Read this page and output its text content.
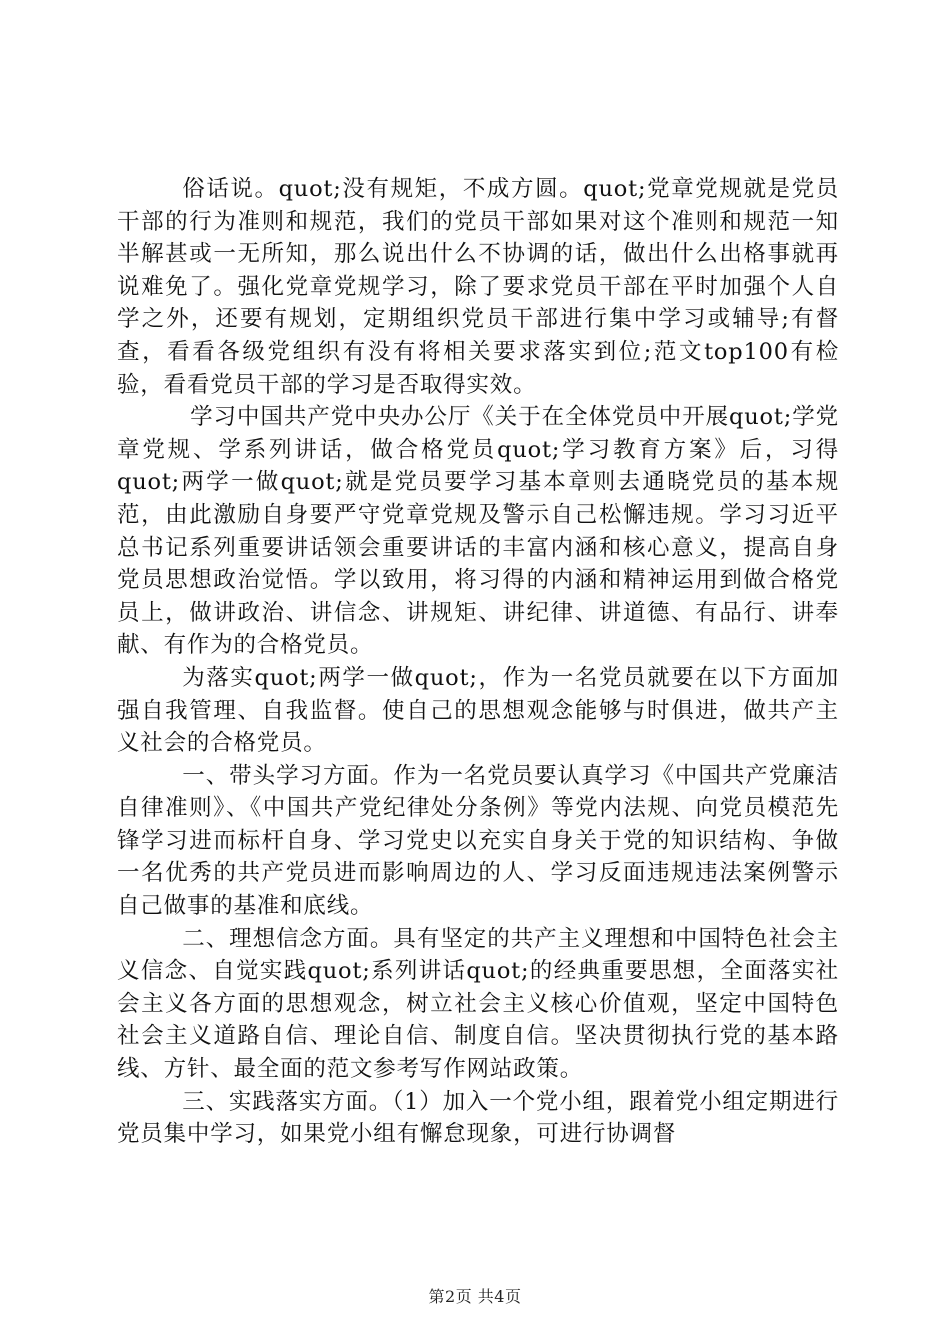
俗话说。quot;没有规矩，不成方圆。quot;党章党规就是党员干部的行为准则和规范，我们的党员干部如果对这个准则和规范一知半解甚或一无所知，那么说出什么不协调的话，做出什么出格事就再说难免了。强化党章党规学习，除了要求党员干部在平时加强个人自学之外，还要有规划，定期组织党员干部进行集中学习或辅导;有督查，看看各级党组织有没有将相关要求落实到位;范文top100有检验，看看党员干部的学习是否取得实效。

学习中国共产党中央办公厅《关于在全体党员中开展quot;学党章党规、学系列讲话，做合格党员quot;学习教育方案》后，习得quot;两学一做quot;就是党员要学习基本章则去通晓党员的基本规范，由此激励自身要严守党章党规及警示自己松懈违规。学习习近平总书记系列重要讲话领会重要讲话的丰富内涵和核心意义，提高自身党员思想政治觉悟。学以致用，将习得的内涵和精神运用到做合格党员上，做讲政治、讲信念、讲规矩、讲纪律、讲道德、有品行、讲奉献、有作为的合格党员。

为落实quot;两学一做quot;，作为一名党员就要在以下方面加强自我管理、自我监督。使自己的思想观念能够与时俱进，做共产主义社会的合格党员。

一、带头学习方面。作为一名党员要认真学习《中国共产党廉洁自律准则》、《中国共产党纪律处分条例》等党内法规、向党员模范先锋学习进而标杆自身、学习党史以充实自身关于党的知识结构、争做一名优秀的共产党员进而影响周边的人、学习反面违规违法案例警示自己做事的基准和底线。

二、理想信念方面。具有坚定的共产主义理想和中国特色社会主义信念、自觉实践quot;系列讲话quot;的经典重要思想，全面落实社会主义各方面的思想观念，树立社会主义核心价值观，坚定中国特色社会主义道路自信、理论自信、制度自信。坚决贯彻执行党的基本路线、方针、最全面的范文参考写作网站政策。

三、实践落实方面。（1）加入一个党小组，跟着党小组定期进行党员集中学习，如果党小组有懈怠现象，可进行协调督

第2页 共4页
